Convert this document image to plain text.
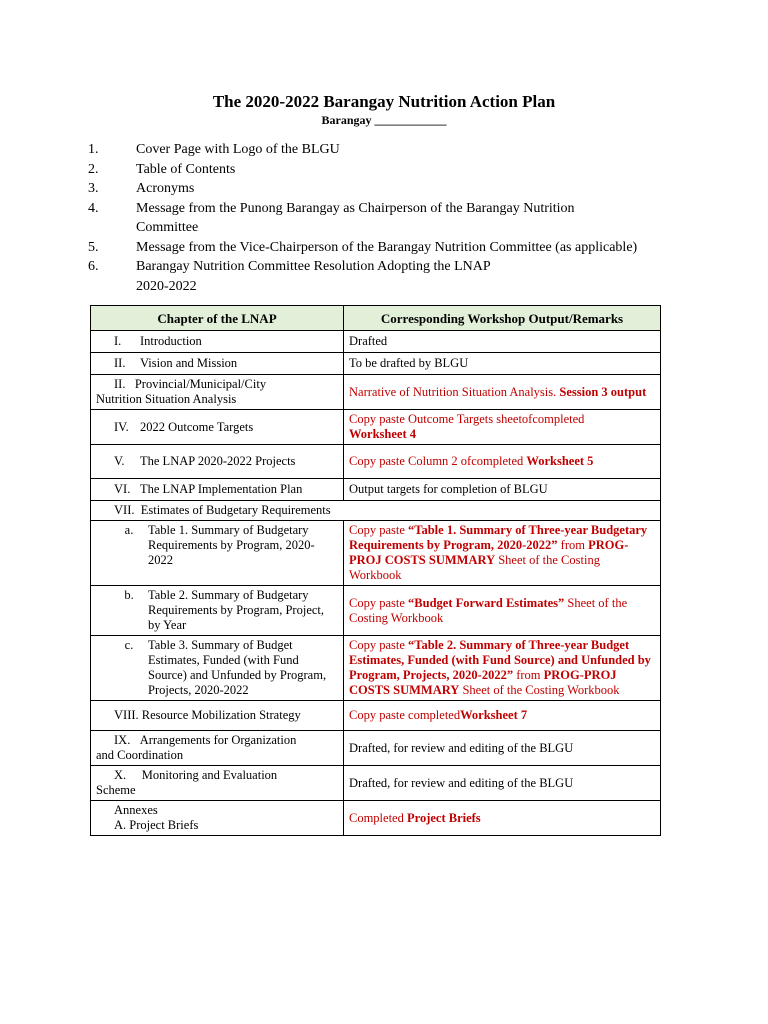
The 2020-2022 Barangay Nutrition Action Plan
Barangay ____________
1.	Cover Page with Logo of the BLGU
2.	Table of Contents
3.	Acronyms
4.	Message from the Punong Barangay as Chairperson of the Barangay Nutrition
Committee
5.	Message from the Vice-Chairperson of the Barangay Nutrition Committee (as applicable)
6.	Barangay Nutrition Committee Resolution Adopting the LNAP
2020-2022
Chapter of the LNAP	Corresponding Workshop Output/Remarks
I. Introduction	Drafted
II. Vision and Mission	To be drafted by BLGU

II. Provincial/Municipal/City
Nutrition Situation Analysis	Narrative of Nutrition Situation Analysis. Session 3 output
IV. 2022 Outcome Targets	Copy paste Outcome Targets sheetofcompleted
Worksheet 4
V. The LNAP 2020-2022 Projects	Copy paste Column 2 ofcompleted Worksheet 5
VI. The LNAP Implementation Plan	Output targets for completion of BLGU
VII. Estimates of Budgetary Requirements	

a. Table 1. Summary of Budgetary Requirements by Program, 2020-2022	Copy paste “Table 1. Summary of Three-year Budgetary Requirements by Program, 2020-2022” from PROG-PROJ COSTS SUMMARY Sheet of the Costing Workbook

b. Table 2. Summary of Budgetary Requirements by Program, Project, by Year	Copy paste “Budget Forward Estimates” Sheet of the Costing Workbook

c. Table 3. Summary of Budget Estimates, Funded (with Fund Source) and Unfunded by Program, Projects, 2020-2022	Copy paste “Table 2. Summary of Three-year Budget Estimates, Funded (with Fund Source) and Unfunded by Program, Projects, 2020-2022” from PROG-PROJ COSTS SUMMARY Sheet of the Costing Workbook
VIII. Resource Mobilization Strategy	Copy paste completedWorksheet 7

IX. Arrangements for Organization
and Coordination	Drafted, for review and editing of the BLGU

X. Monitoring and Evaluation
Scheme	Drafted, for review and editing of the BLGU

Annexes
A. Project Briefs	Completed Project Briefs
